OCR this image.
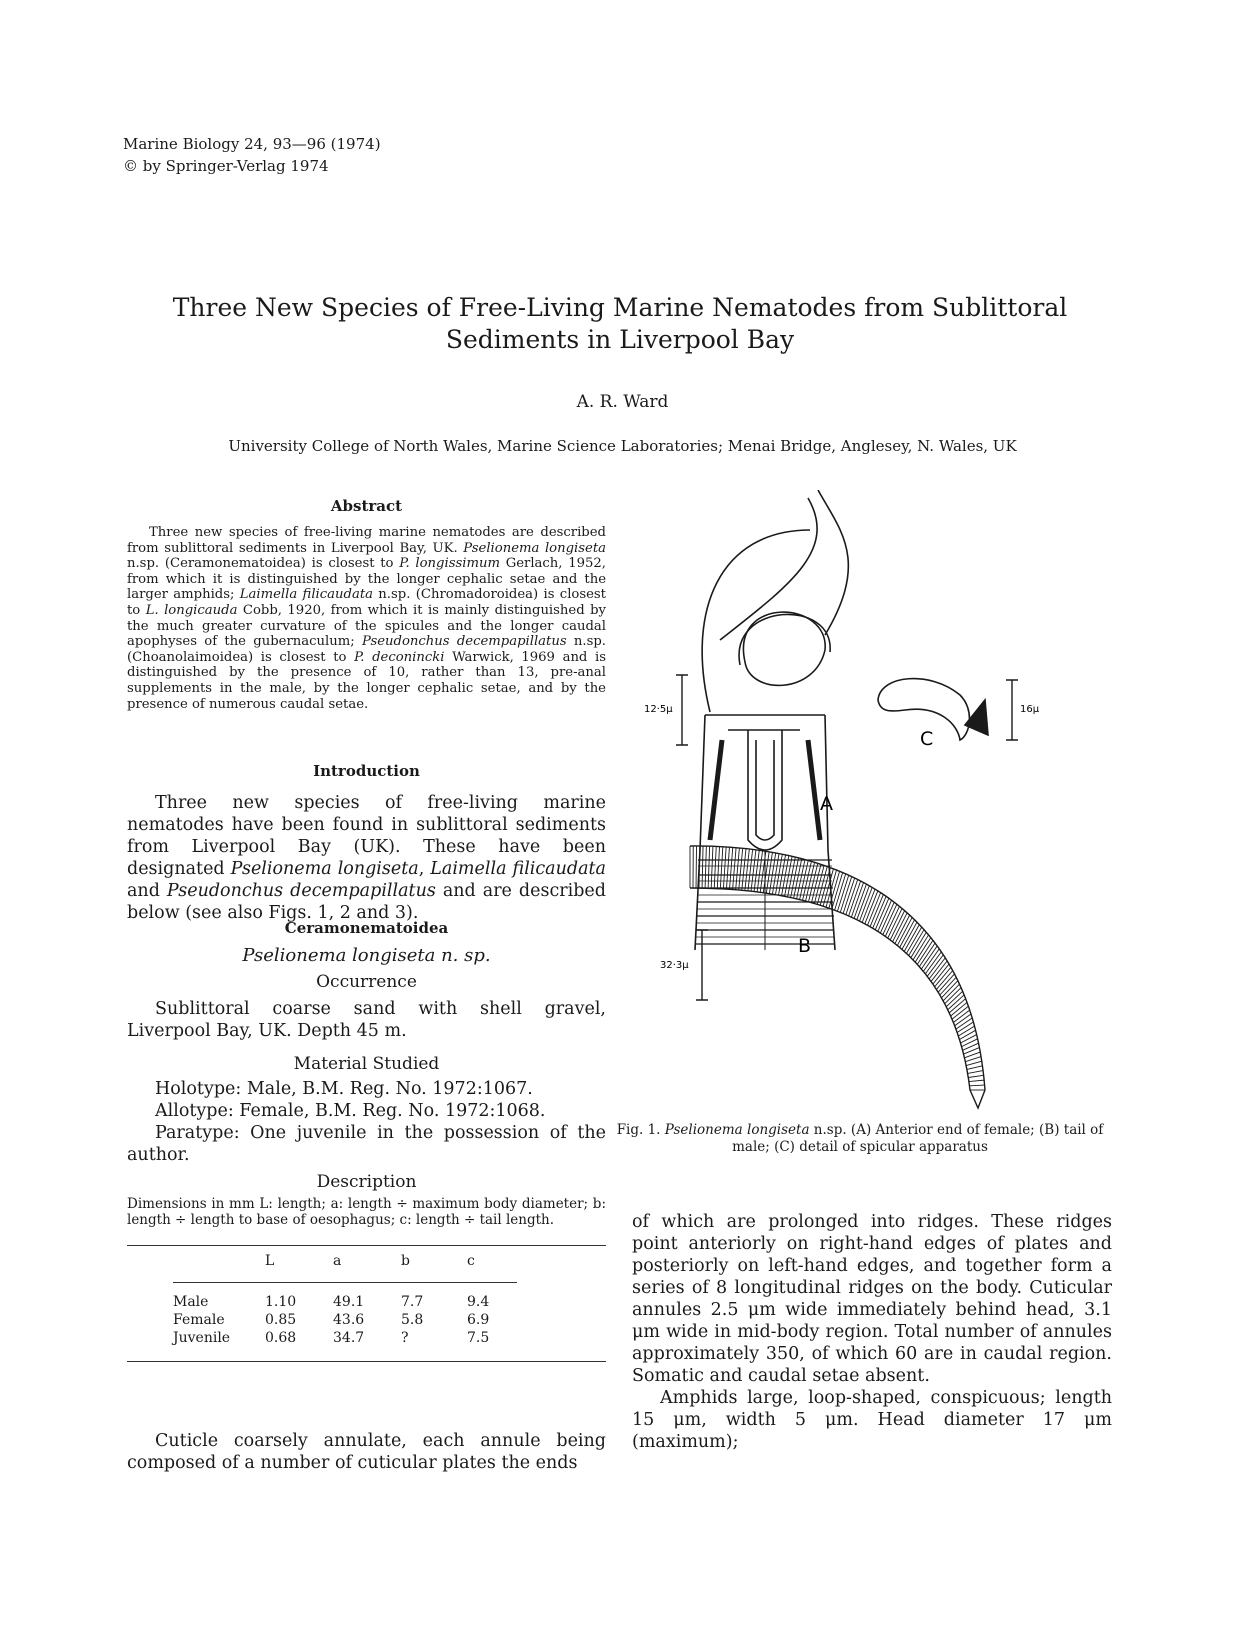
Marine Biology 24, 93—96 (1974)
© by Springer-Verlag 1974
Three New Species of Free-Living Marine Nematodes from Sublittoral
Sediments in Liverpool Bay
A. R. Ward
University College of North Wales, Marine Science Laboratories; Menai Bridge, Anglesey, N. Wales, UK
Abstract
Three new species of free-living marine nematodes are described from sublittoral sediments in Liverpool Bay, UK. Pselionema longiseta n.sp. (Ceramonematoidea) is closest to P. longissimum Gerlach, 1952, from which it is distinguished by the longer cephalic setae and the larger amphids; Laimella filicaudata n.sp. (Chromadoroidea) is closest to L. longicauda Cobb, 1920, from which it is mainly distinguished by the much greater curvature of the spicules and the longer caudal apophyses of the gubernaculum; Pseudonchus decempapillatus n.sp. (Choanolaimoidea) is closest to P. deconincki Warwick, 1969 and is distinguished by the presence of 10, rather than 13, pre-anal supplements in the male, by the longer cephalic setae, and by the presence of numerous caudal setae.
Introduction

Three new species of free-living marine nematodes have been found in sublittoral sediments from Liverpool Bay (UK). These have been designated Pselionema longiseta, Laimella filicaudata and Pseudonchus decempapillatus and are described below (see also Figs. 1, 2 and 3).

Ceramonematoidea
Pselionema longiseta n. sp.
Occurrence

Sublittoral coarse sand with shell gravel, Liverpool Bay, UK. Depth 45 m.

Material Studied

Holotype: Male, B.M. Reg. No. 1972:1067.

Allotype: Female, B.M. Reg. No. 1972:1068.

Paratype: One juvenile in the possession of the author.

Description
Dimensions in mm L: length; a: length ÷ maximum body diameter; b: length ÷ length to base of oesophagus; c: length ÷ tail length.
	L	a	b	c

Male	1.10	49.1	7.7	9.4
Female	0.85	43.6	5.8	6.9
Juvenile	0.68	34.7	?	7.5

Cuticle coarsely annulate, each annule being composed of a number of cuticular plates the ends

12·5μ
A
16μ
C
32·3μ
B
Fig. 1. Pselionema longiseta n.sp. (A) Anterior end of female; (B) tail of male; (C) detail of spicular apparatus

of which are prolonged into ridges. These ridges point anteriorly on right-hand edges of plates and posteriorly on left-hand edges, and together form a series of 8 longitudinal ridges on the body. Cuticular annules 2.5 μm wide immediately behind head, 3.1 μm wide in mid-body region. Total number of annules approximately 350, of which 60 are in caudal region. Somatic and caudal setae absent.

Amphids large, loop-shaped, conspicuous; length 15 μm, width 5 μm. Head diameter 17 μm (maximum);
